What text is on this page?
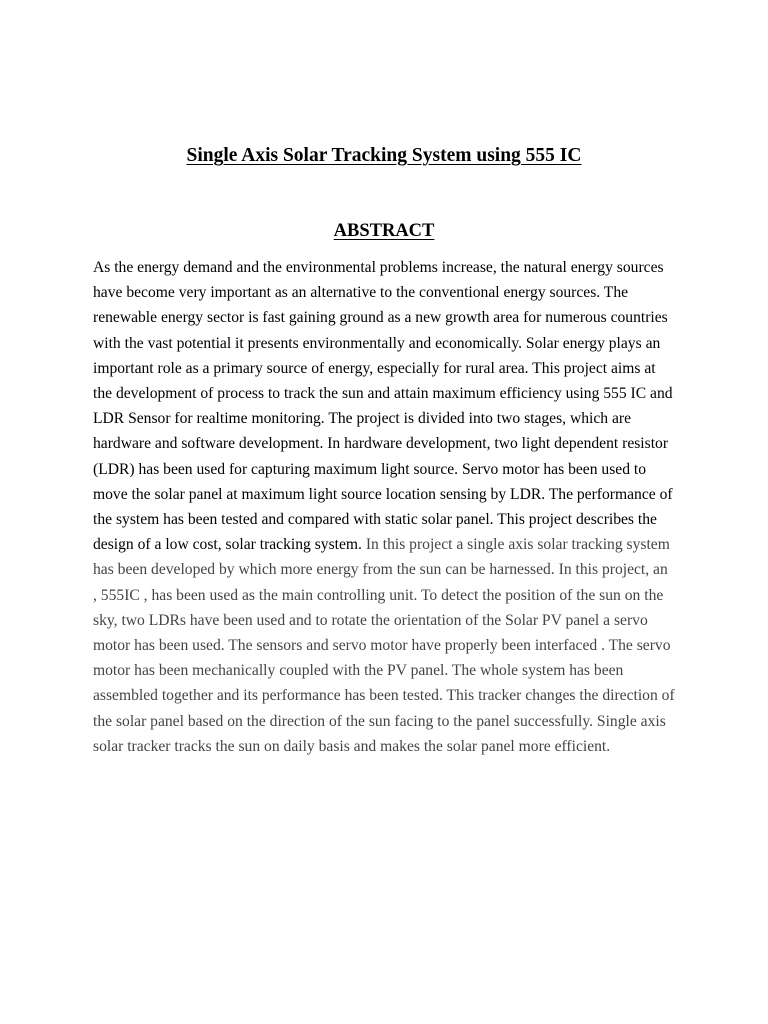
Single Axis Solar Tracking System using 555 IC
ABSTRACT

As the energy demand and the environmental problems increase, the natural energy sources have become very important as an alternative to the conventional energy sources. The renewable energy sector is fast gaining ground as a new growth area for numerous countries with the vast potential it presents environmentally and economically. Solar energy plays an important role as a primary source of energy, especially for rural area. This project aims at the development of process to track the sun and attain maximum efficiency using 555 IC and LDR Sensor for realtime monitoring. The project is divided into two stages, which are hardware and software development. In hardware development, two light dependent resistor (LDR) has been used for capturing maximum light source. Servo motor has been used to move the solar panel at maximum light source location sensing by LDR. The performance of the system has been tested and compared with static solar panel. This project describes the design of a low cost, solar tracking system. In this project a single axis solar tracking system has been developed by which more energy from the sun can be harnessed. In this project, an , 555IC , has been used as the main controlling unit. To detect the position of the sun on the sky, two LDRs have been used and to rotate the orientation of the Solar PV panel a servo motor has been used. The sensors and servo motor have properly been interfaced . The servo motor has been mechanically coupled with the PV panel. The whole system has been assembled together and its performance has been tested. This tracker changes the direction of the solar panel based on the direction of the sun facing to the panel successfully. Single axis solar tracker tracks the sun on daily basis and makes the solar panel more efficient.
